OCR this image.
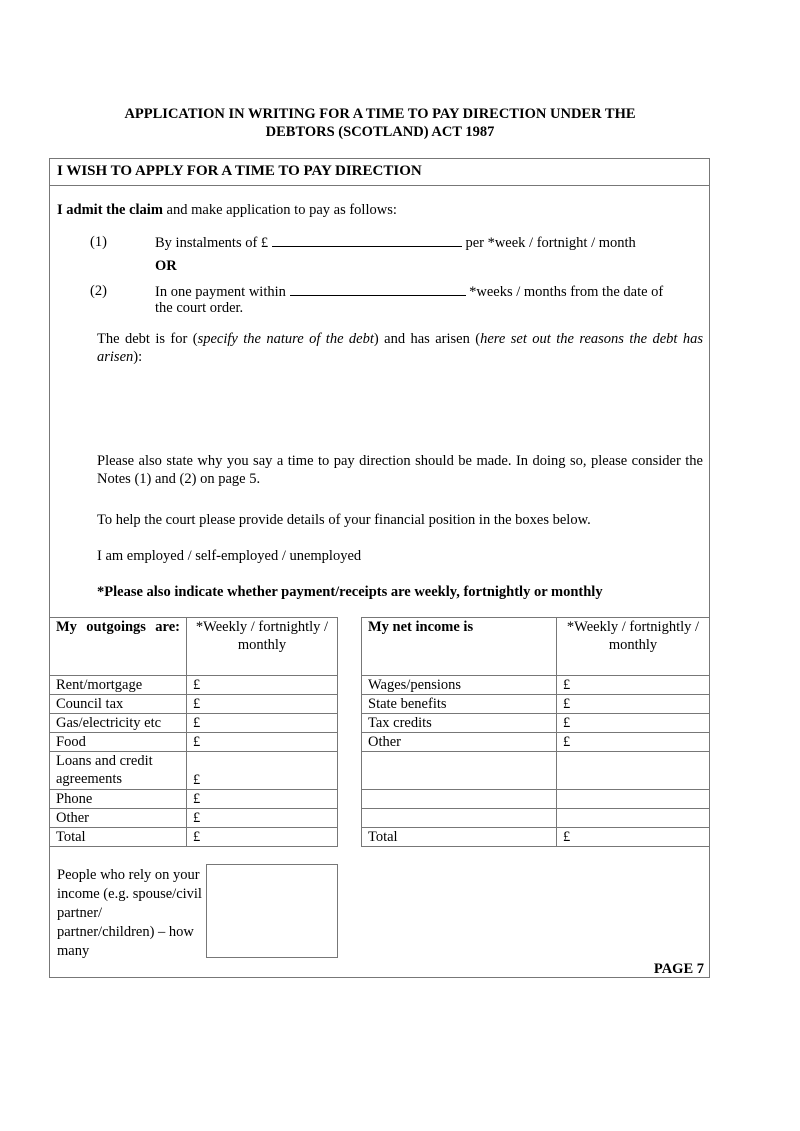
APPLICATION IN WRITING FOR A TIME TO PAY DIRECTION UNDER THE
DEBTORS (SCOTLAND) ACT 1987
I WISH TO APPLY FOR A TIME TO PAY DIRECTION
I admit the claim and make application to pay as follows:
(1)	By instalments of £	per *week / fortnight / month
OR
(2)	In one payment within	*weeks / months from the date of
the court order.
The debt is for (specify the nature of the debt) and has arisen (here set out the reasons the debt has arisen):
Please also state why you say a time to pay direction should be made. In doing so, please consider the Notes (1) and (2) on page 5.
To help the court please provide details of your financial position in the boxes below.
I am employed / self-employed / unemployed
*Please also indicate whether payment/receipts are weekly, fortnightly or monthly
My outgoings are:	*Weekly / fortnightly / monthly
Rent/mortgage	£
Council tax	£
Gas/electricity etc	£
Food	£
Loans and credit agreements	£
Phone	£
Other	£
Total	£
My net income is	*Weekly / fortnightly / monthly
Wages/pensions	£
State benefits	£
Tax credits	£
Other	£

Total	£
People who rely on your income (e.g. spouse/civil partner/ partner/children) – how many
PAGE 7
